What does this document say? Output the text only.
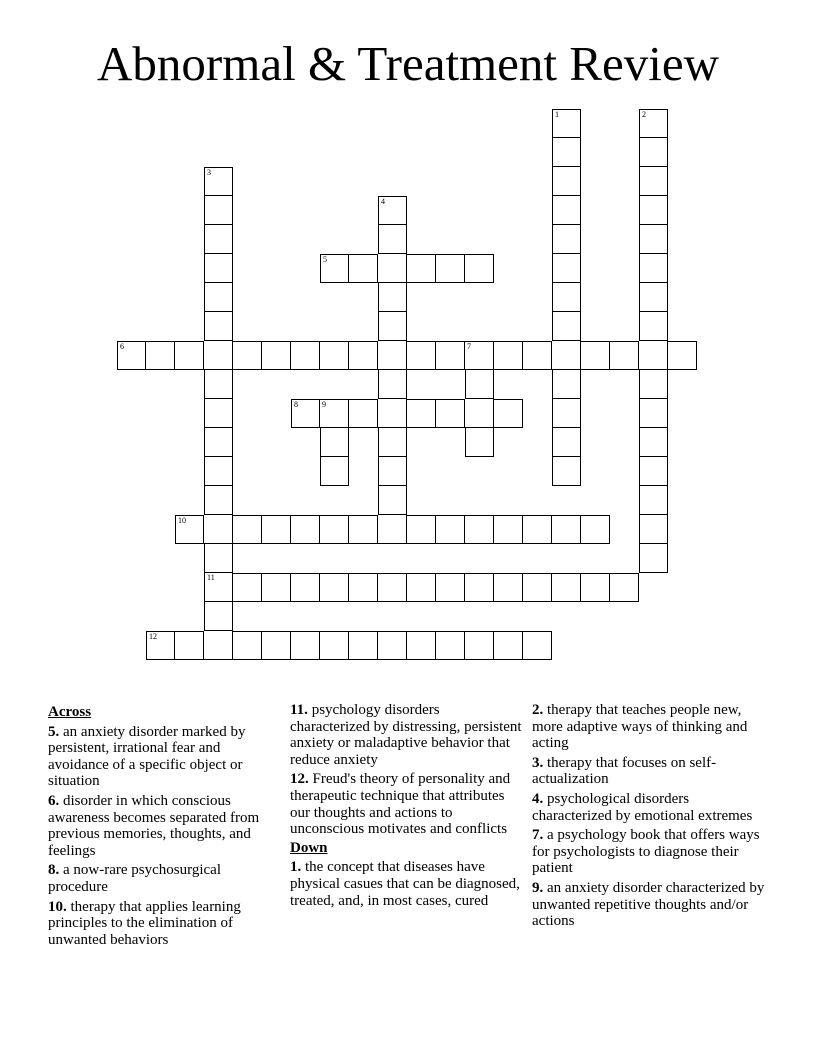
Abnormal & Treatment Review
5
6	7
8	9
10
11
12
1	2
3
4
Across
5. an anxiety disorder marked by persistent, irrational fear and avoidance of a specific object or situation
6. disorder in which conscious awareness becomes separated from previous memories, thoughts, and feelings
8. a now-rare psychosurgical procedure
10. therapy that applies learning principles to the elimination of unwanted behaviors
11. psychology disorders characterized by distressing, persistent anxiety or maladaptive behavior that reduce anxiety
12. Freud's theory of personality and therapeutic technique that attributes our thoughts and actions to unconscious motivates and conflicts
Down
1. the concept that diseases have physical casues that can be diagnosed, treated, and, in most cases, cured
2. therapy that teaches people new, more adaptive ways of thinking and acting
3. therapy that focuses on self-actualization
4. psychological disorders characterized by emotional extremes
7. a psychology book that offers ways for psychologists to diagnose their patient
9. an anxiety disorder characterized by unwanted repetitive thoughts and/or actions
